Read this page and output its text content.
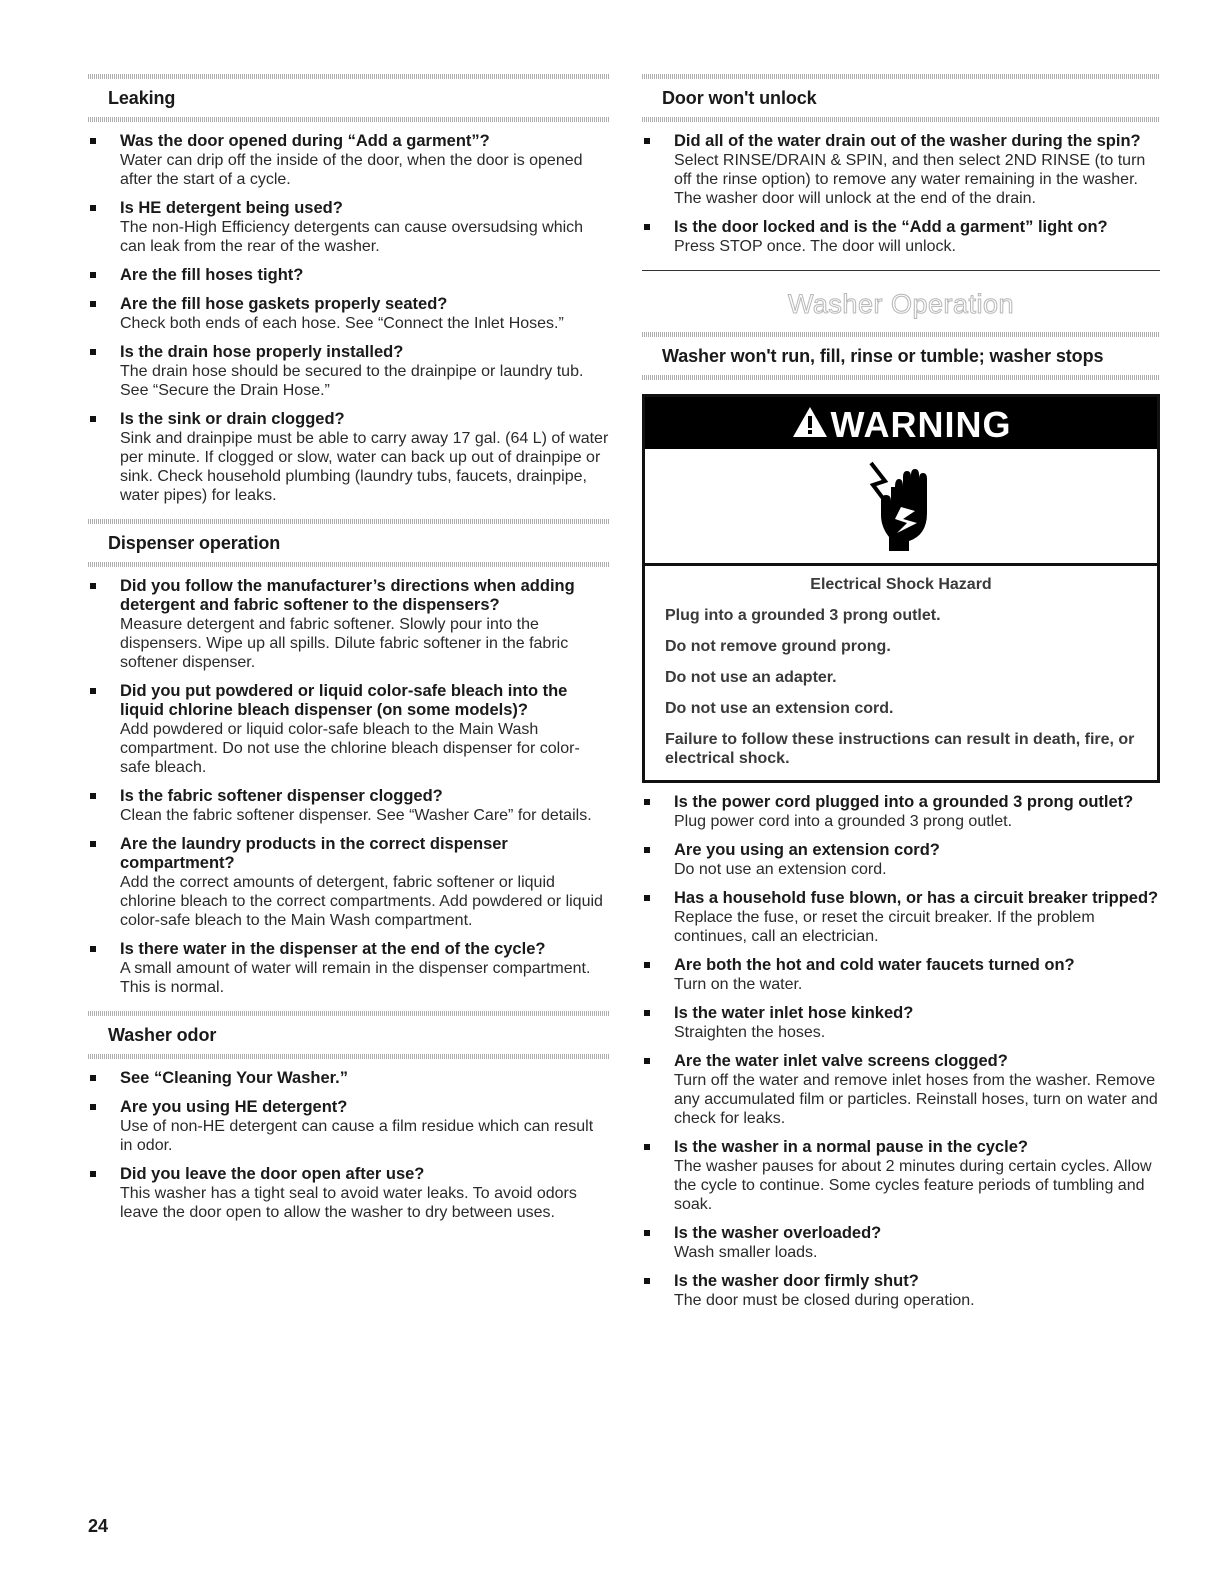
Leaking
Was the door opened during “Add a garment”?
Water can drip off the inside of the door, when the door is opened after the start of a cycle.
Is HE detergent being used?
The non-High Efficiency detergents can cause oversudsing which can leak from the rear of the washer.
Are the fill hoses tight?
Are the fill hose gaskets properly seated?
Check both ends of each hose. See “Connect the Inlet Hoses.”
Is the drain hose properly installed?
The drain hose should be secured to the drainpipe or laundry tub. See “Secure the Drain Hose.”
Is the sink or drain clogged?
Sink and drainpipe must be able to carry away 17 gal. (64 L) of water per minute. If clogged or slow, water can back up out of drainpipe or sink. Check household plumbing (laundry tubs, faucets, drainpipe, water pipes) for leaks.
Dispenser operation
Did you follow the manufacturer’s directions when adding detergent and fabric softener to the dispensers?
Measure detergent and fabric softener. Slowly pour into the dispensers. Wipe up all spills. Dilute fabric softener in the fabric softener dispenser.
Did you put powdered or liquid color-safe bleach into the liquid chlorine bleach dispenser (on some models)?
Add powdered or liquid color-safe bleach to the Main Wash compartment. Do not use the chlorine bleach dispenser for color-safe bleach.
Is the fabric softener dispenser clogged?
Clean the fabric softener dispenser. See “Washer Care” for details.
Are the laundry products in the correct dispenser compartment?
Add the correct amounts of detergent, fabric softener or liquid chlorine bleach to the correct compartments. Add powdered or liquid color-safe bleach to the Main Wash compartment.
Is there water in the dispenser at the end of the cycle?
A small amount of water will remain in the dispenser compartment. This is normal.
Washer odor
See “Cleaning Your Washer.”
Are you using HE detergent?
Use of non-HE detergent can cause a film residue which can result in odor.
Did you leave the door open after use?
This washer has a tight seal to avoid water leaks. To avoid odors leave the door open to allow the washer to dry between uses.
Door won't unlock
Did all of the water drain out of the washer during the spin?
Select RINSE/DRAIN & SPIN, and then select 2ND RINSE (to turn off the rinse option) to remove any water remaining in the washer. The washer door will unlock at the end of the drain.
Is the door locked and is the “Add a garment” light on?
Press STOP once. The door will unlock.
Washer Operation
Washer won't run, fill, rinse or tumble; washer stops
WARNING
Electrical Shock Hazard
Plug into a grounded 3 prong outlet.
Do not remove ground prong.
Do not use an adapter.
Do not use an extension cord.
Failure to follow these instructions can result in death, fire, or electrical shock.
Is the power cord plugged into a grounded 3 prong outlet?
Plug power cord into a grounded 3 prong outlet.
Are you using an extension cord?
Do not use an extension cord.
Has a household fuse blown, or has a circuit breaker tripped?
Replace the fuse, or reset the circuit breaker. If the problem continues, call an electrician.
Are both the hot and cold water faucets turned on?
Turn on the water.
Is the water inlet hose kinked?
Straighten the hoses.
Are the water inlet valve screens clogged?
Turn off the water and remove inlet hoses from the washer. Remove any accumulated film or particles. Reinstall hoses, turn on water and check for leaks.
Is the washer in a normal pause in the cycle?
The washer pauses for about 2 minutes during certain cycles. Allow the cycle to continue. Some cycles feature periods of tumbling and soak.
Is the washer overloaded?
Wash smaller loads.
Is the washer door firmly shut?
The door must be closed during operation.
24
